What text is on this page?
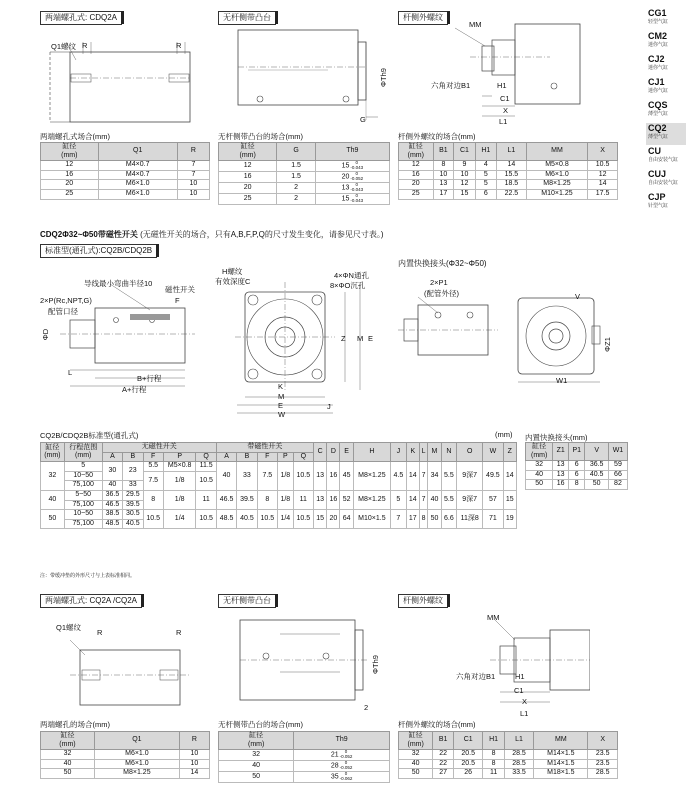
CG1
轻型气缸
CM2
迷你气缸
CJ2
迷你气缸
CJ1
迷你气缸
CQS
薄型气缸
CQ2
薄型气缸
CU
自由安装气缸
CUJ
自由安装气缸
CJP
针型气缸
两端螺孔式: CDQ2A	无杆侧带凸台	杆侧外螺纹
Q1螺纹 R	R
ΦTh9
G
MM
六角对边B1	H1
C1
X
L1
两端螺孔式场合(mm)	无杆侧带凸台的场合(mm)	杆侧外螺纹的场合(mm)
缸径
(mm)	Q1	R
12	M4×0.7	7
16	M4×0.7	7
20	M6×1.0	10
25	M6×1.0	10
缸径
(mm)	G	Th9
12	1.5	15 0
-0.043
16	1.5	20 0
-0.052
20	2	13 0
-0.043
25	2	15 0
-0.043
缸径
(mm)	B1	C1	H1	L1	MM	X
12	8	9	4	14	M5×0.8	10.5
16	10	10	5	15.5	M6×1.0	12
20	13	12	5	18.5	M8×1.25	14
25	17	15	6	22.5	M10×1.25	17.5
CDQ2Φ32~Φ50带磁性开关 (无磁性开关的场合，只有A,B,F,P,Q的尺寸发生变化，请参见尺寸表。)
标准型(通孔式):CQ2B/CDQ2B
内置快换接头(Φ32~Φ50)
导线最小弯曲半径10
磁性开关
2×P(Rc,NPT,G)
配管口径
F
ΦD
L
B+行程
A+行程
H螺纹
有效深度C
4×ΦN通孔
8×ΦO沉孔
Z M E
K
M
E
W
J
2×P1
(配管外径)	V
ΦZ1
W1
CQ2B/CDQ2B标准型(通孔式)	(mm) 内置快换接头(mm)
缸径
(mm)	行程范围
(mm)	无磁性开关					带磁性开关					C	D	E	H	J	K	L	M	N	O	W	Z
		A	B	F	P	Q	A	B	F	P	Q												
32	5	30	23	5.5	M5×0.8	11.5	40	33	7.5	1/8	10.5	13	16	45	M8×1.25	4.5	14	7	34	5.5	9深7	49.5	14
	10~50			7.5	1/8	10.5																	
	75,100	40	33																				
40	5~50	36.5	29.5	8	1/8	11	46.5	39.5	8	1/8	11	13	16	52	M8×1.25	5	14	7	40	5.5	9深7	57	15
	75,100	46.5	39.5																				
50	10~50	38.5	30.5	10.5	1/4	10.5	48.5	40.5	10.5	1/4	10.5	15	20	64	M10×1.5	7	17	8	50	6.6	11深8	71	19
	75,100	48.5	40.5																				
缸径
(mm)	Z1	P1	V	W1
32	13	6	36.5	59
40	13	6	40.5	66
50	16	8	50	82
注：带缓冲垫的外形尺寸与上表标准相同。
两端螺孔式: CQ2A /CQ2A	无杆侧带凸台	杆侧外螺纹
Q1螺纹
R	R
ΦTh9
2
MM
六角对边B1	H1
C1
X
L1
两端螺孔的场合(mm)	无杆侧带凸台的场合(mm)	杆侧外螺纹的场合(mm)
缸径
(mm)	Q1	R
32	M6×1.0	10
40	M6×1.0	10
50	M8×1.25	14
缸径
(mm)	Th9
32	21 0
-0.052
40	28 0
-0.052
50	35 0
-0.062
缸径
(mm)	B1	C1	H1	L1	MM	X
32	22	20.5	8	28.5	M14×1.5	23.5
40	22	20.5	8	28.5	M14×1.5	23.5
50	27	26	11	33.5	M18×1.5	28.5
